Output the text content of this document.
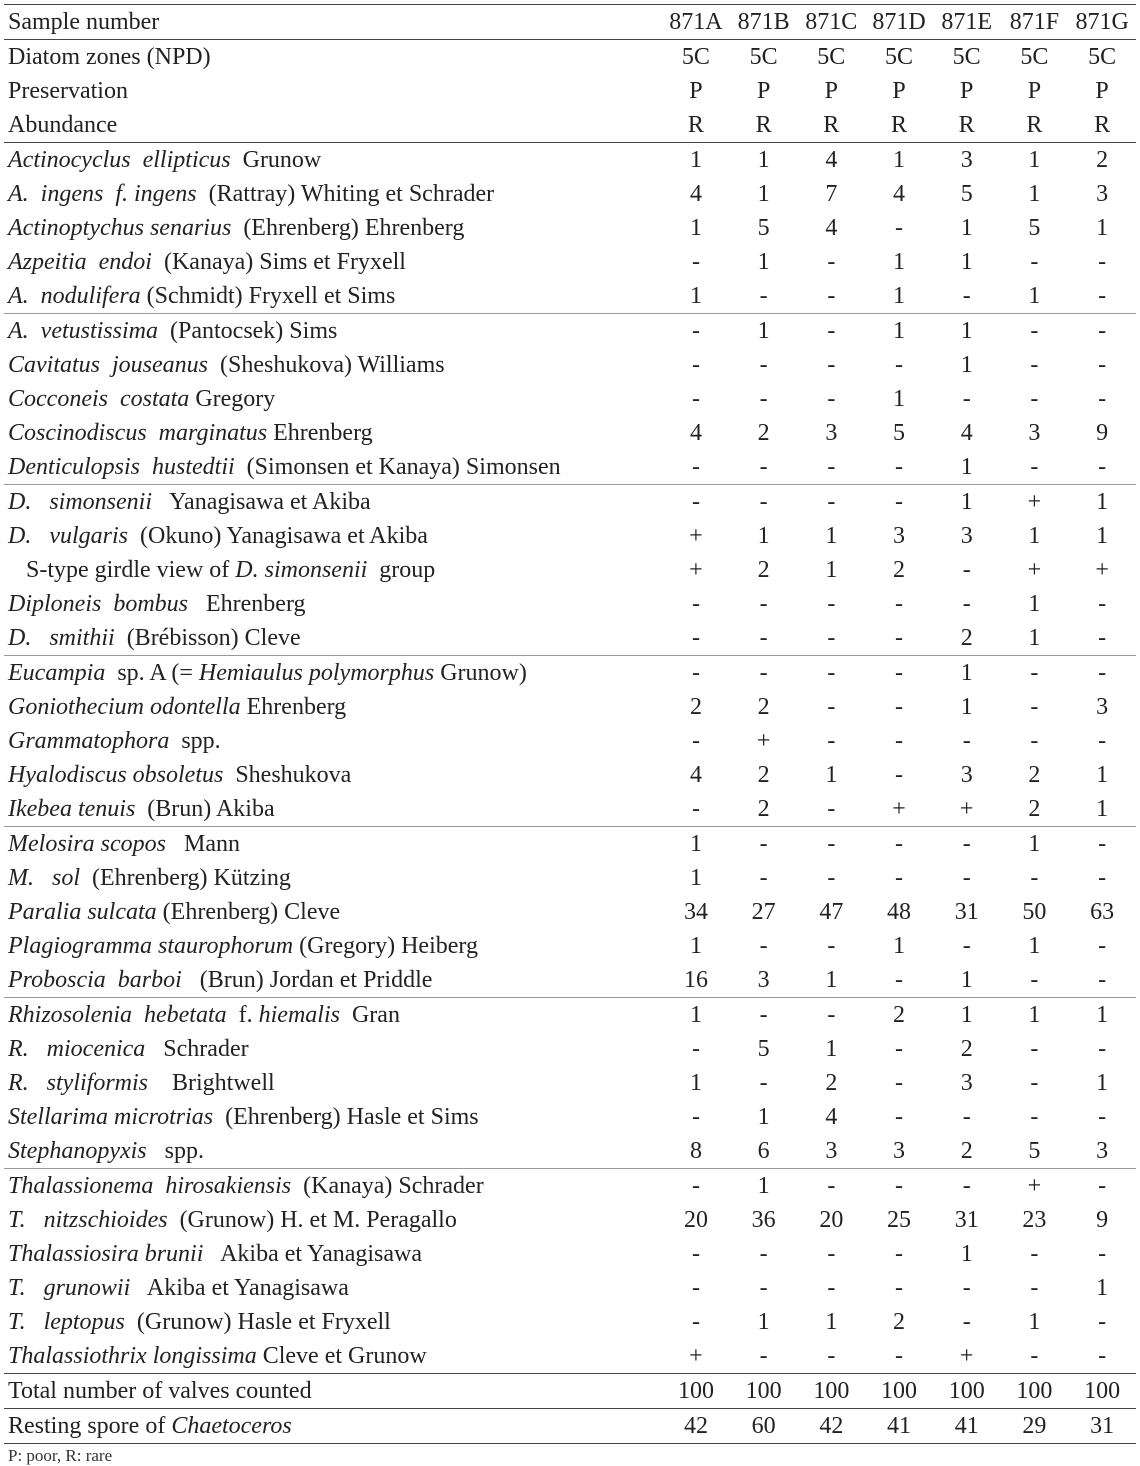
Sample number	871A	871B	871C	871D	871E	871F	871G
Diatom zones (NPD)	5C	5C	5C	5C	5C	5C	5C
Preservation	P	P	P	P	P	P	P
Abundance	R	R	R	R	R	R	R
Actinocyclus  ellipticus  Grunow	1	1	4	1	3	1	2
A.  ingens  f. ingens  (Rattray) Whiting et Schrader	4	1	7	4	5	1	3
Actinoptychus senarius  (Ehrenberg) Ehrenberg	1	5	4	-	1	5	1
Azpeitia  endoi  (Kanaya) Sims et Fryxell	-	1	-	1	1	-	-
A.  nodulifera (Schmidt) Fryxell et Sims	1	-	-	1	-	1	-
A.  vetustissima  (Pantocsek) Sims	-	1	-	1	1	-	-
Cavitatus  jouseanus  (Sheshukova) Williams	-	-	-	-	1	-	-
Cocconeis  costata Gregory	-	-	-	1	-	-	-
Coscinodiscus  marginatus Ehrenberg	4	2	3	5	4	3	9
Denticulopsis  hustedtii  (Simonsen et Kanaya) Simonsen	-	-	-	-	1	-	-
D.   simonsenii   Yanagisawa et Akiba	-	-	-	-	1	+	1
D.   vulgaris  (Okuno) Yanagisawa et Akiba	+	1	1	3	3	1	1
S-type girdle view of D. simonsenii  group	+	2	1	2	-	+	+
Diploneis  bombus   Ehrenberg	-	-	-	-	-	1	-
D.   smithii  (Brébisson) Cleve	-	-	-	-	2	1	-
Eucampia  sp. A (= Hemiaulus polymorphus Grunow)	-	-	-	-	1	-	-
Goniothecium odontella Ehrenberg	2	2	-	-	1	-	3
Grammatophora  spp.	-	+	-	-	-	-	-
Hyalodiscus obsoletus  Sheshukova	4	2	1	-	3	2	1
Ikebea tenuis  (Brun) Akiba	-	2	-	+	+	2	1
Melosira scopos   Mann	1	-	-	-	-	1	-
M.   sol  (Ehrenberg) Kützing	1	-	-	-	-	-	-
Paralia sulcata (Ehrenberg) Cleve	34	27	47	48	31	50	63
Plagiogramma staurophorum (Gregory) Heiberg	1	-	-	1	-	1	-
Proboscia  barboi   (Brun) Jordan et Priddle	16	3	1	-	1	-	-
Rhizosolenia  hebetata  f. hiemalis  Gran	1	-	-	2	1	1	1
R.   miocenica   Schrader	-	5	1	-	2	-	-
R.   styliformis    Brightwell	1	-	2	-	3	-	1
Stellarima microtrias  (Ehrenberg) Hasle et Sims	-	1	4	-	-	-	-
Stephanopyxis   spp.	8	6	3	3	2	5	3
Thalassionema  hirosakiensis  (Kanaya) Schrader	-	1	-	-	-	+	-
T.   nitzschioides  (Grunow) H. et M. Peragallo	20	36	20	25	31	23	9
Thalassiosira brunii   Akiba et Yanagisawa	-	-	-	-	1	-	-
T.   grunowii   Akiba et Yanagisawa	-	-	-	-	-	-	1
T.   leptopus  (Grunow) Hasle et Fryxell	-	1	1	2	-	1	-
Thalassiothrix longissima Cleve et Grunow	+	-	-	-	+	-	-
Total number of valves counted	100	100	100	100	100	100	100
Resting spore of Chaetoceros	42	60	42	41	41	29	31
P: poor, R: rare
